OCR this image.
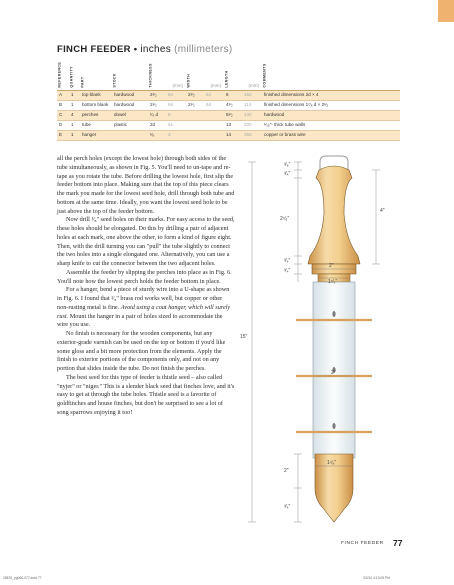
FINCH FEEDER • inches (millimeters)
REFERENCE	QUANTITY	PART	STOCK	THICKNESS	(mm)	WIDTH	(mm)	LENGTH	(mm)	COMMENTS

A	1	top blank	hardwood	2¹⁄₂	64	2¹⁄₂	64	6	152	finished dimensions 2d × 4
B	1	bottom blank	hardwood	2¹⁄₂	64	2¹⁄₂	64	4¹⁄₂	114	finished dimensions 1⁷⁄₈ d × 2¹⁄₂
C	4	perches	dowel	¹⁄₄ d	6			5¹⁄₂	140	hardwood
D	1	tube	plastic	2d	51			13	330	¹⁄₁₆"- thick tube walls
E	1	hanger		¹⁄₈	3			14	356	copper or brass wire

all the perch holes (except the lowest hole) through both sides of the tube simultaneously, as shown in Fig. 5. You'll need to un-tape and re-tape as you rotate the tube. Before drilling the lowest hole, first slip the feeder bottom into place. Making sure that the top of this piece clears the mark you made for the lowest seed hole, drill through both tube and bottom at the same time. Ideally, you want the lowest seed hole to be just above the top of the feeder bottom.

Now drill ¹⁄₈" seed holes on their marks. For easy access to the seed, these holes should be elongated. Do this by drilling a pair of adjacent holes at each mark, one above the other, to form a kind of figure eight. Then, with the drill turning you can "pull" the tube slightly to connect the two holes into a single elongated one. Alternatively, you can use a sharp knife to cut the connector between the two adjacent holes.

Assemble the feeder by slipping the perches into place as in Fig. 6. You'll note how the lowest perch holds the feeder bottom in place.

For a hanger, bend a piece of sturdy wire into a U-shape as shown in Fig. 6. I found that ¹⁄₈" brass rod works well, but copper or other non-rusting metal is fine. Avoid using a coat hanger, which will surely rust. Mount the hanger in a pair of holes sized to accommodate the wire you use.

No finish is necessary for the wooden components, but any exterior-grade varnish can be used on the top or bottom if you'd like some gloss and a bit more protection from the elements. Apply the finish to exterior portions of the components only, and not on any portion that slides inside the tube. Do not finish the perches.

The best seed for this type of feeder is thistle seed – also called "nyjer" or "niger." This is a slender black seed that finches love, and it's easy to get at through the tube holes. Thistle seed is a favorite of goldfinches and house finches, but don't be surprised to see a lot of song sparrows enjoying it too!

³⁄₈"
³⁄₄"
2⁷⁄₈"
4"
³⁄₄"
³⁄₄"
2"
1⁷⁄₈"
15"
2"
2"
1⁷⁄₈"
³⁄₄"
FINCH FEEDER 77
25876_pg060-077.indd 77	3/2/10 4:13:05 PM
